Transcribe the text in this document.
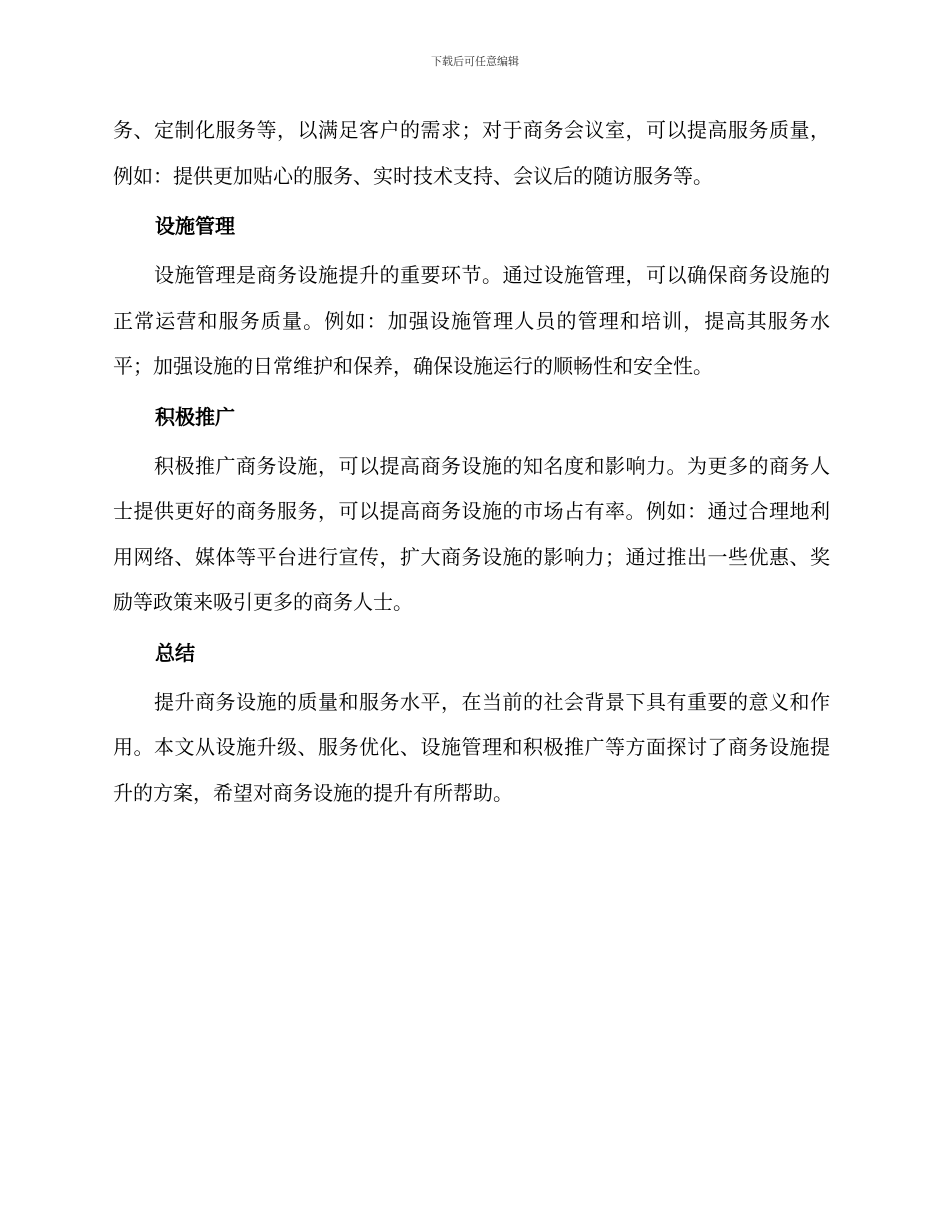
下载后可任意编辑

务、定制化服务等，以满足客户的需求；对于商务会议室，可以提高服务质量，例如：提供更加贴心的服务、实时技术支持、会议后的随访服务等。

设施管理

设施管理是商务设施提升的重要环节。通过设施管理，可以确保商务设施的正常运营和服务质量。例如：加强设施管理人员的管理和培训，提高其服务水平；加强设施的日常维护和保养，确保设施运行的顺畅性和安全性。

积极推广

积极推广商务设施，可以提高商务设施的知名度和影响力。为更多的商务人士提供更好的商务服务，可以提高商务设施的市场占有率。例如：通过合理地利用网络、媒体等平台进行宣传，扩大商务设施的影响力；通过推出一些优惠、奖励等政策来吸引更多的商务人士。

总结

提升商务设施的质量和服务水平，在当前的社会背景下具有重要的意义和作用。本文从设施升级、服务优化、设施管理和积极推广等方面探讨了商务设施提升的方案，希望对商务设施的提升有所帮助。
